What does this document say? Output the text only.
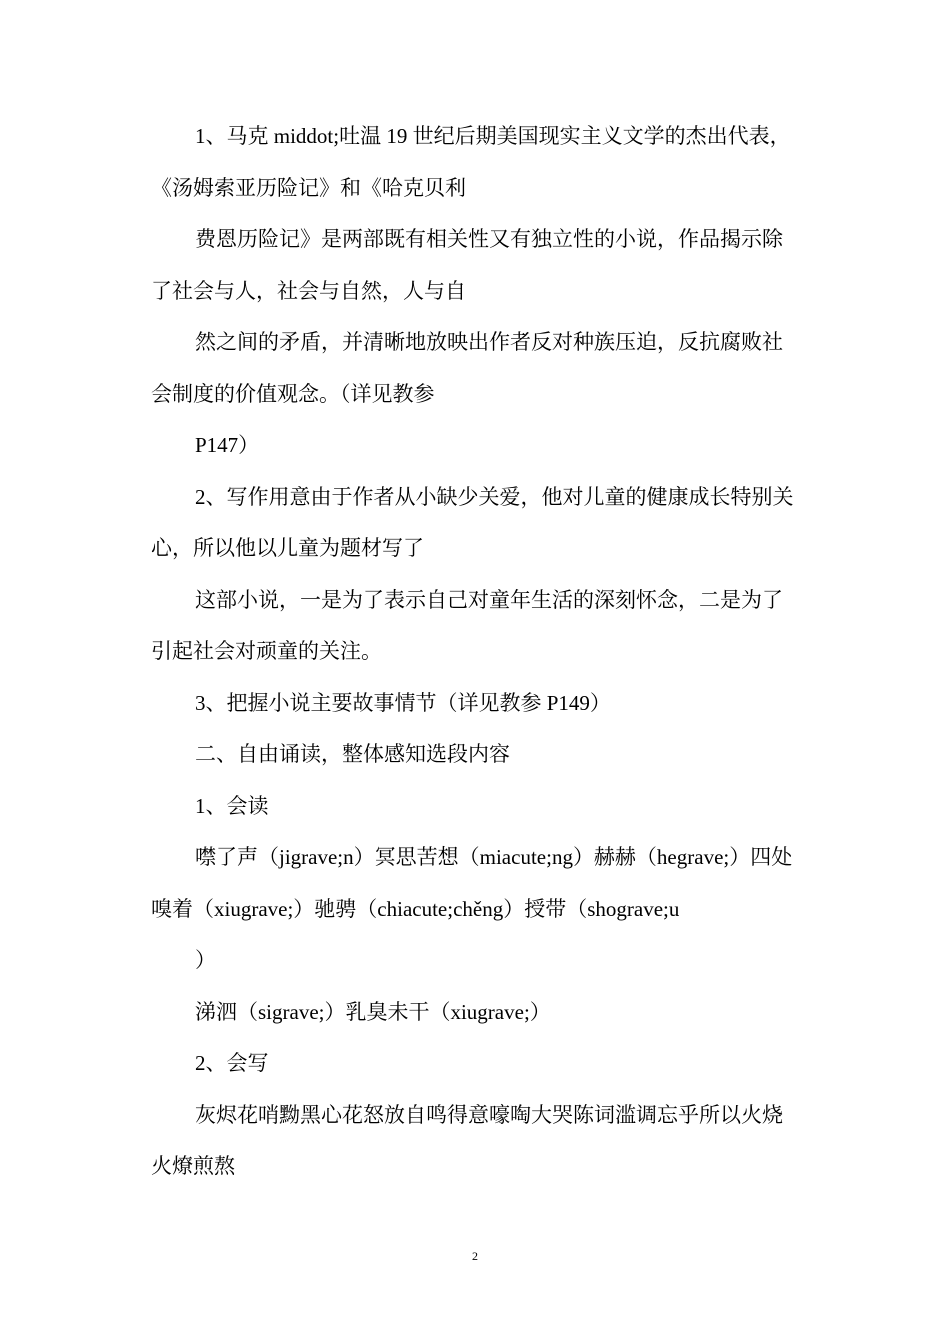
1、马克 middot;吐温 19 世纪后期美国现实主义文学的杰出代表，《汤姆索亚历险记》和《哈克贝利

费恩历险记》是两部既有相关性又有独立性的小说，作品揭示除了社会与人，社会与自然，人与自

然之间的矛盾，并清晰地放映出作者反对种族压迫，反抗腐败社会制度的价值观念。（详见教参

P147）

2、写作用意由于作者从小缺少关爱，他对儿童的健康成长特别关心，所以他以儿童为题材写了

这部小说，一是为了表示自己对童年生活的深刻怀念，二是为了引起社会对顽童的关注。

3、把握小说主要故事情节（详见教参 P149）

二、自由诵读，整体感知选段内容

1、会读

噤了声（jigrave;n）冥思苦想（miacute;ng）赫赫（hegrave;）四处嗅着（xiugrave;）驰骋（chiacute;chěng）授带（shograve;u

）

涕泗（sigrave;）乳臭未干（xiugrave;）

2、会写

灰烬花哨黝黑心花怒放自鸣得意嚎啕大哭陈词滥调忘乎所以火烧火燎煎熬

2
